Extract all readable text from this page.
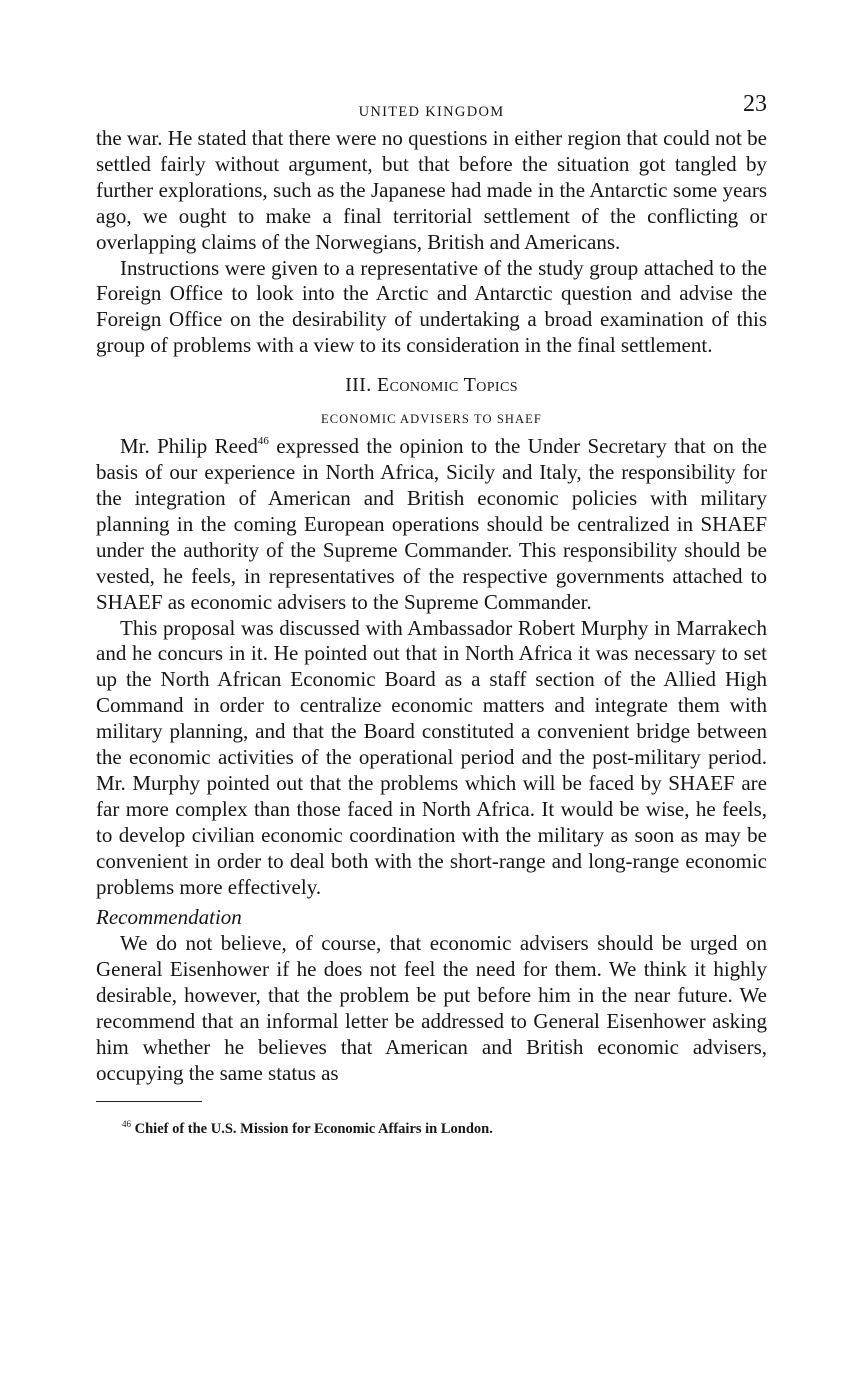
UNITED KINGDOM	23

the war. He stated that there were no questions in either region that could not be settled fairly without argument, but that before the situation got tangled by further explorations, such as the Japanese had made in the Antarctic some years ago, we ought to make a final territorial settlement of the conflicting or overlapping claims of the Norwegians, British and Americans.

Instructions were given to a representative of the study group attached to the Foreign Office to look into the Arctic and Antarctic question and advise the Foreign Office on the desirability of undertaking a broad examination of this group of problems with a view to its consideration in the final settlement.

III. Economic Topics
ECONOMIC ADVISERS TO SHAEF

Mr. Philip Reed$^{46}$ expressed the opinion to the Under Secretary that on the basis of our experience in North Africa, Sicily and Italy, the responsibility for the integration of American and British economic policies with military planning in the coming European operations should be centralized in SHAEF under the authority of the Supreme Commander. This responsibility should be vested, he feels, in representatives of the respective governments attached to SHAEF as economic advisers to the Supreme Commander.

This proposal was discussed with Ambassador Robert Murphy in Marrakech and he concurs in it. He pointed out that in North Africa it was necessary to set up the North African Economic Board as a staff section of the Allied High Command in order to centralize economic matters and integrate them with military planning, and that the Board constituted a convenient bridge between the economic activities of the operational period and the post-military period. Mr. Murphy pointed out that the problems which will be faced by SHAEF are far more complex than those faced in North Africa. It would be wise, he feels, to develop civilian economic coordination with the military as soon as may be convenient in order to deal both with the short-range and long-range economic problems more effectively.

Recommendation

We do not believe, of course, that economic advisers should be urged on General Eisenhower if he does not feel the need for them. We think it highly desirable, however, that the problem be put before him in the near future. We recommend that an informal letter be addressed to General Eisenhower asking him whether he believes that American and British economic advisers, occupying the same status as

$^{46}$ Chief of the U.S. Mission for Economic Affairs in London.
